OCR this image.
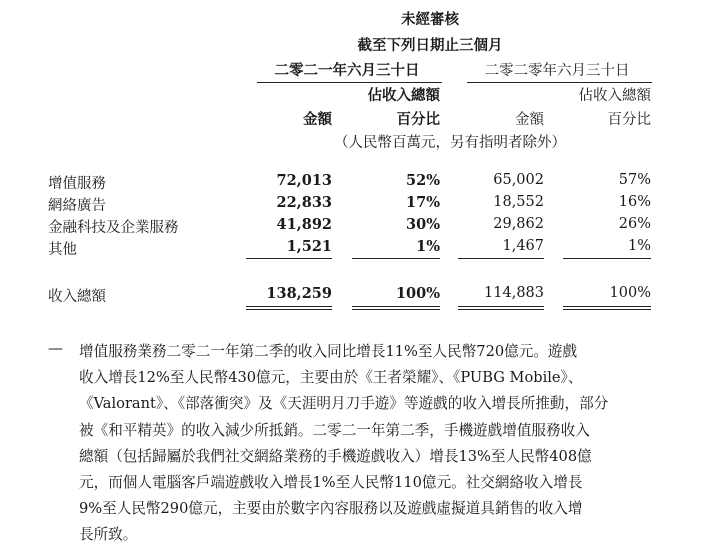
未經審核
截至下列日期止三個月
二零二一年六月三十日	二零二零年六月三十日
佔收入總額	佔收入總額
金額	百分比	金額	百分比
（人民幣百萬元，另有指明者除外）
增值服務	72,013	52%	65,002	57%
網絡廣告	22,833	17%	18,552	16%
金融科技及企業服務	41,892	30%	29,862	26%
其他	1,521	1%	1,467	1%
收入總額	138,259	100%	114,883	100%
— 增值服務業務二零二一年第二季的收入同比增長11%至人民幣720億元。遊戲
收入增長12%至人民幣430億元，主要由於《王者榮耀》、《PUBG Mobile》、
《Valorant》、《部落衝突》及《天涯明月刀手遊》等遊戲的收入增長所推動，部分
被《和平精英》的收入減少所抵銷。二零二一年第二季，手機遊戲增值服務收入
總額（包括歸屬於我們社交網絡業務的手機遊戲收入）增長13%至人民幣408億
元，而個人電腦客戶端遊戲收入增長1%至人民幣110億元。社交網絡收入增長
9%至人民幣290億元，主要由於數字內容服務以及遊戲虛擬道具銷售的收入增
長所致。
